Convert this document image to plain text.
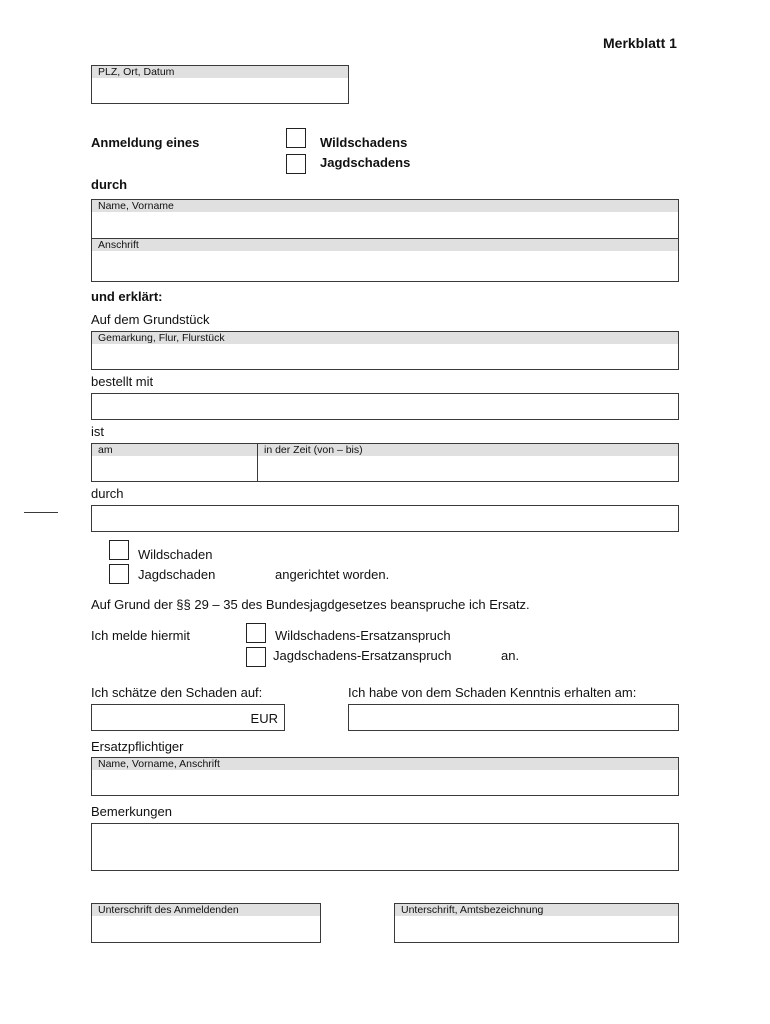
Merkblatt 1
PLZ, Ort, Datum
Anmeldung eines	Wildschadens
Jagdschadens
durch
Name, Vorname
Anschrift
und erklärt:
Auf dem Grundstück
Gemarkung, Flur, Flurstück
bestellt mit
ist
am	in der Zeit (von – bis)
durch
Wildschaden
Jagdschaden	angerichtet worden.
Auf Grund der §§ 29 – 35 des Bundesjagdgesetzes beanspruche ich Ersatz.
Ich melde hiermit	Wildschadens-Ersatzanspruch
Jagdschadens-Ersatzanspruch	an.
Ich schätze den Schaden auf:
EUR
Ich habe von dem Schaden Kenntnis erhalten am:
Ersatzpflichtiger
Name, Vorname, Anschrift
Bemerkungen
Unterschrift des Anmeldenden	Unterschrift, Amtsbezeichnung
